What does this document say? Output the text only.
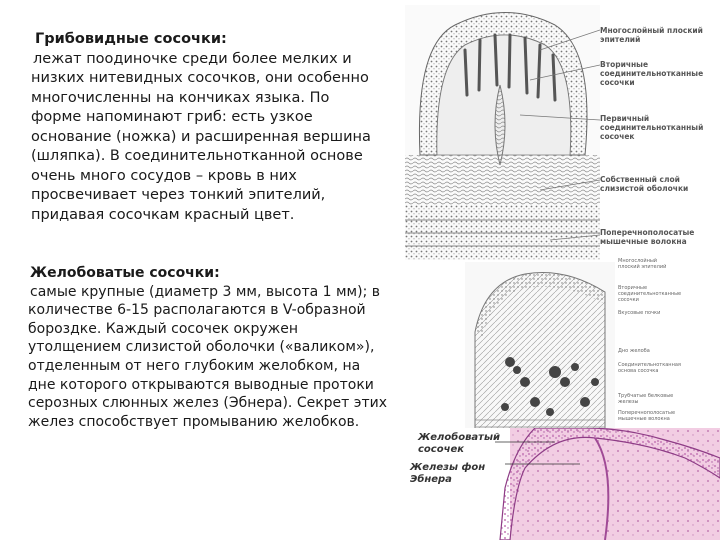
Грибовидные сосочки:
лежат поодиночке среди более мелких и
низких нитевидных сосочков, они особенно
многочисленны на кончиках языка. По
форме напоминают гриб: есть узкое
основание (ножка) и расширенная вершина
(шляпка). В соединительнотканной основе
очень много сосудов – кровь в них
просвечивает через тонкий эпителий,
придавая сосочкам красный цвет.
Желобоватые сосочки:
самые крупные (диаметр 3 мм, высота 1 мм); в
количестве 6-15 располагаются в V-образной
бороздке. Каждый сосочек окружен
утолщением слизистой оболочки («валиком»),
отделенным от него глубоким желобком, на
дне которого открываются выводные протоки
серозных слюнных желез (Эбнера). Секрет этих
желез способствует промыванию желобков.
Многослойный плоский эпителий
Вторичные соединительнотканные сосочки
Первичный соединительнотканный сосочек
Собственный слой слизистой оболочки
Поперечнополосатые мышечные волокна
Многослойный плоский эпителий
Вторичные соединительнотканные сосочки
Вкусовые почки
Дно желоба
Соединительнотканная основа сосочка
Трубчатые белковые железы
Поперечнополосатые мышечные волокна
Желобоватый сосочек
Железы фон Эбнера
